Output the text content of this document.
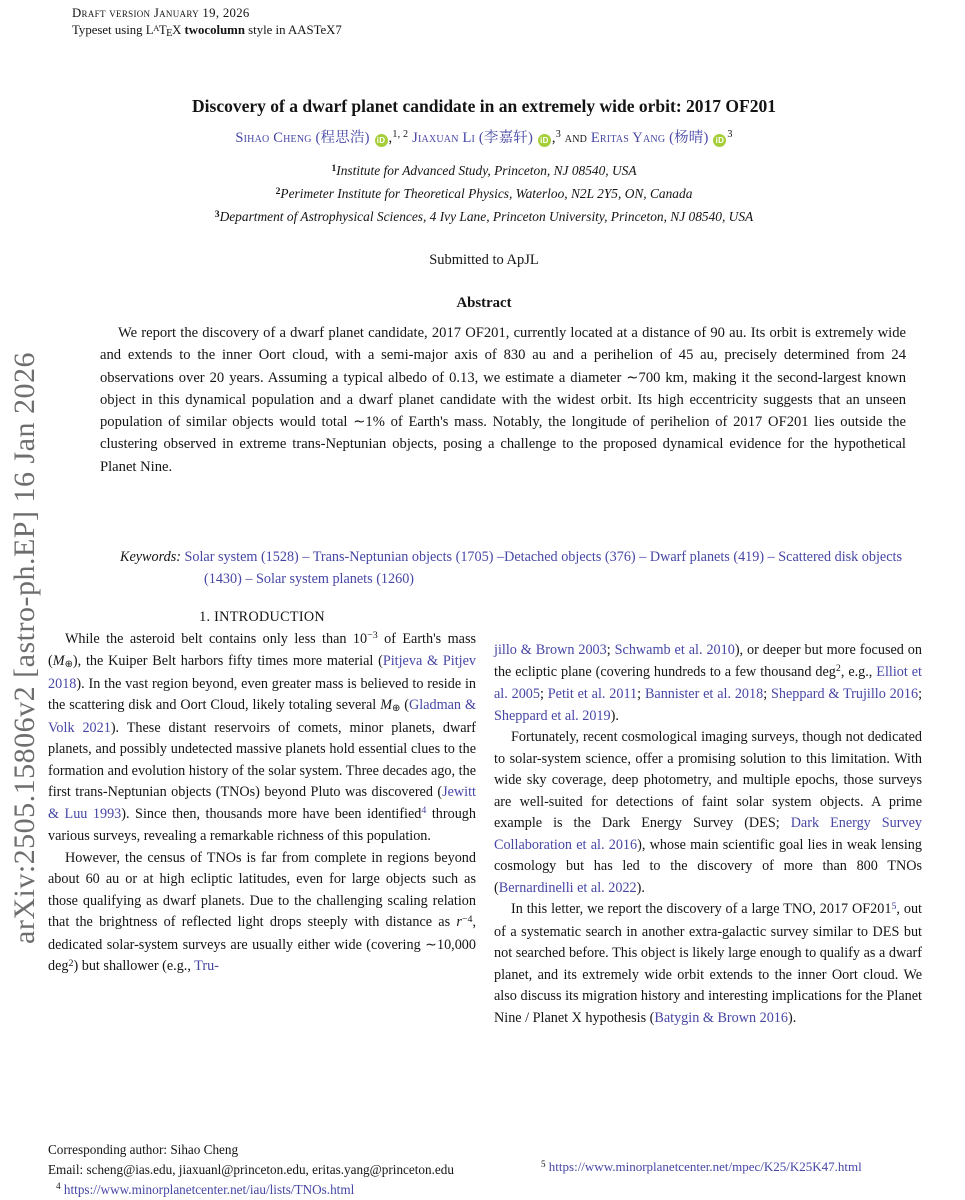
arXiv:2505.15806v2 [astro-ph.EP] 16 Jan 2026
Draft version January 19, 2026
Typeset using $L^ATEX$ twocolumn style in AASTeX7
Discovery of a dwarf planet candidate in an extremely wide orbit: 2017 OF201
Sihao Cheng (程思浩) iD ,$^{1, 2}$ Jiaxuan Li (李嘉轩) iD ,$^3$ and Eritas Yang (杨晴) $iD^3$
$^1$Institute for Advanced Study, Princeton, NJ 08540, USA
$^2$Perimeter Institute for Theoretical Physics, Waterloo, N2L 2Y5, ON, Canada
$^3$Department of Astrophysical Sciences, 4 Ivy Lane, Princeton University, Princeton, NJ 08540, USA
Submitted to ApJL
Abstract
We report the discovery of a dwarf planet candidate, 2017 OF201, currently located at a distance of 90 au. Its orbit is extremely wide and extends to the inner Oort cloud, with a semi-major axis of 830 au and a perihelion of 45 au, precisely determined from 24 observations over 20 years. Assuming a typical albedo of 0.13, we estimate a diameter ∼700 km, making it the second-largest known object in this dynamical population and a dwarf planet candidate with the widest orbit. Its high eccentricity suggests that an unseen population of similar objects would total ∼1% of Earth's mass. Notably, the longitude of perihelion of 2017 OF201 lies outside the clustering observed in extreme trans-Neptunian objects, posing a challenge to the proposed dynamical evidence for the hypothetical Planet Nine.
Keywords: Solar system (1528) – Trans-Neptunian objects (1705) –Detached objects (376) – Dwarf planets (419) – Scattered disk objects (1430) – Solar system planets (1260)

1. INTRODUCTION

While the asteroid belt contains only less than $10^{-3}$ of Earth's mass (M⊕), the Kuiper Belt harbors fifty times more material (Pitjeva & Pitjev 2018). In the vast region beyond, even greater mass is believed to reside in the scattering disk and Oort Cloud, likely totaling several M⊕ (Gladman & Volk 2021). These distant reservoirs of comets, minor planets, dwarf planets, and possibly undetected massive planets hold essential clues to the formation and evolution history of the solar system. Three decades ago, the first trans-Neptunian objects (TNOs) beyond Pluto was discovered (Jewitt & Luu 1993). Since then, thousands more have been identified$^4$ through various surveys, revealing a remarkable richness of this population.

However, the census of TNOs is far from complete in regions beyond about 60 au or at high ecliptic latitudes, even for large objects such as those qualifying as dwarf planets. Due to the challenging scaling relation that the brightness of reflected light drops steeply with distance as $r^{-4}$, dedicated solar-system surveys are usually either wide (covering ∼10,000 deg$^2$) but shallower (e.g., Tru-

jillo & Brown 2003; Schwamb et al. 2010), or deeper but more focused on the ecliptic plane (covering hundreds to a few thousand deg$^2$, e.g., Elliot et al. 2005; Petit et al. 2011; Bannister et al. 2018; Sheppard & Trujillo 2016; Sheppard et al. 2019).

Fortunately, recent cosmological imaging surveys, though not dedicated to solar-system science, offer a promising solution to this limitation. With wide sky coverage, deep photometry, and multiple epochs, those surveys are well-suited for detections of faint solar system objects. A prime example is the Dark Energy Survey (DES; Dark Energy Survey Collaboration et al. 2016), whose main scientific goal lies in weak lensing cosmology but has led to the discovery of more than 800 TNOs (Bernardinelli et al. 2022).

In this letter, we report the discovery of a large TNO, 2017 $OF201^5$, out of a systematic search in another extra-galactic survey similar to DES but not searched before. This object is likely large enough to qualify as a dwarf planet, and its extremely wide orbit extends to the inner Oort cloud. We also discuss its migration history and interesting implications for the Planet Nine / Planet X hypothesis (Batygin & Brown 2016).

Corresponding author: Sihao Cheng
Email: scheng@ias.edu, jiaxuanl@princeton.edu, eritas.yang@princeton.edu
$^4$ https://www.minorplanetcenter.net/iau/lists/TNOs.html
$^5$ https://www.minorplanetcenter.net/mpec/K25/K25K47.html
